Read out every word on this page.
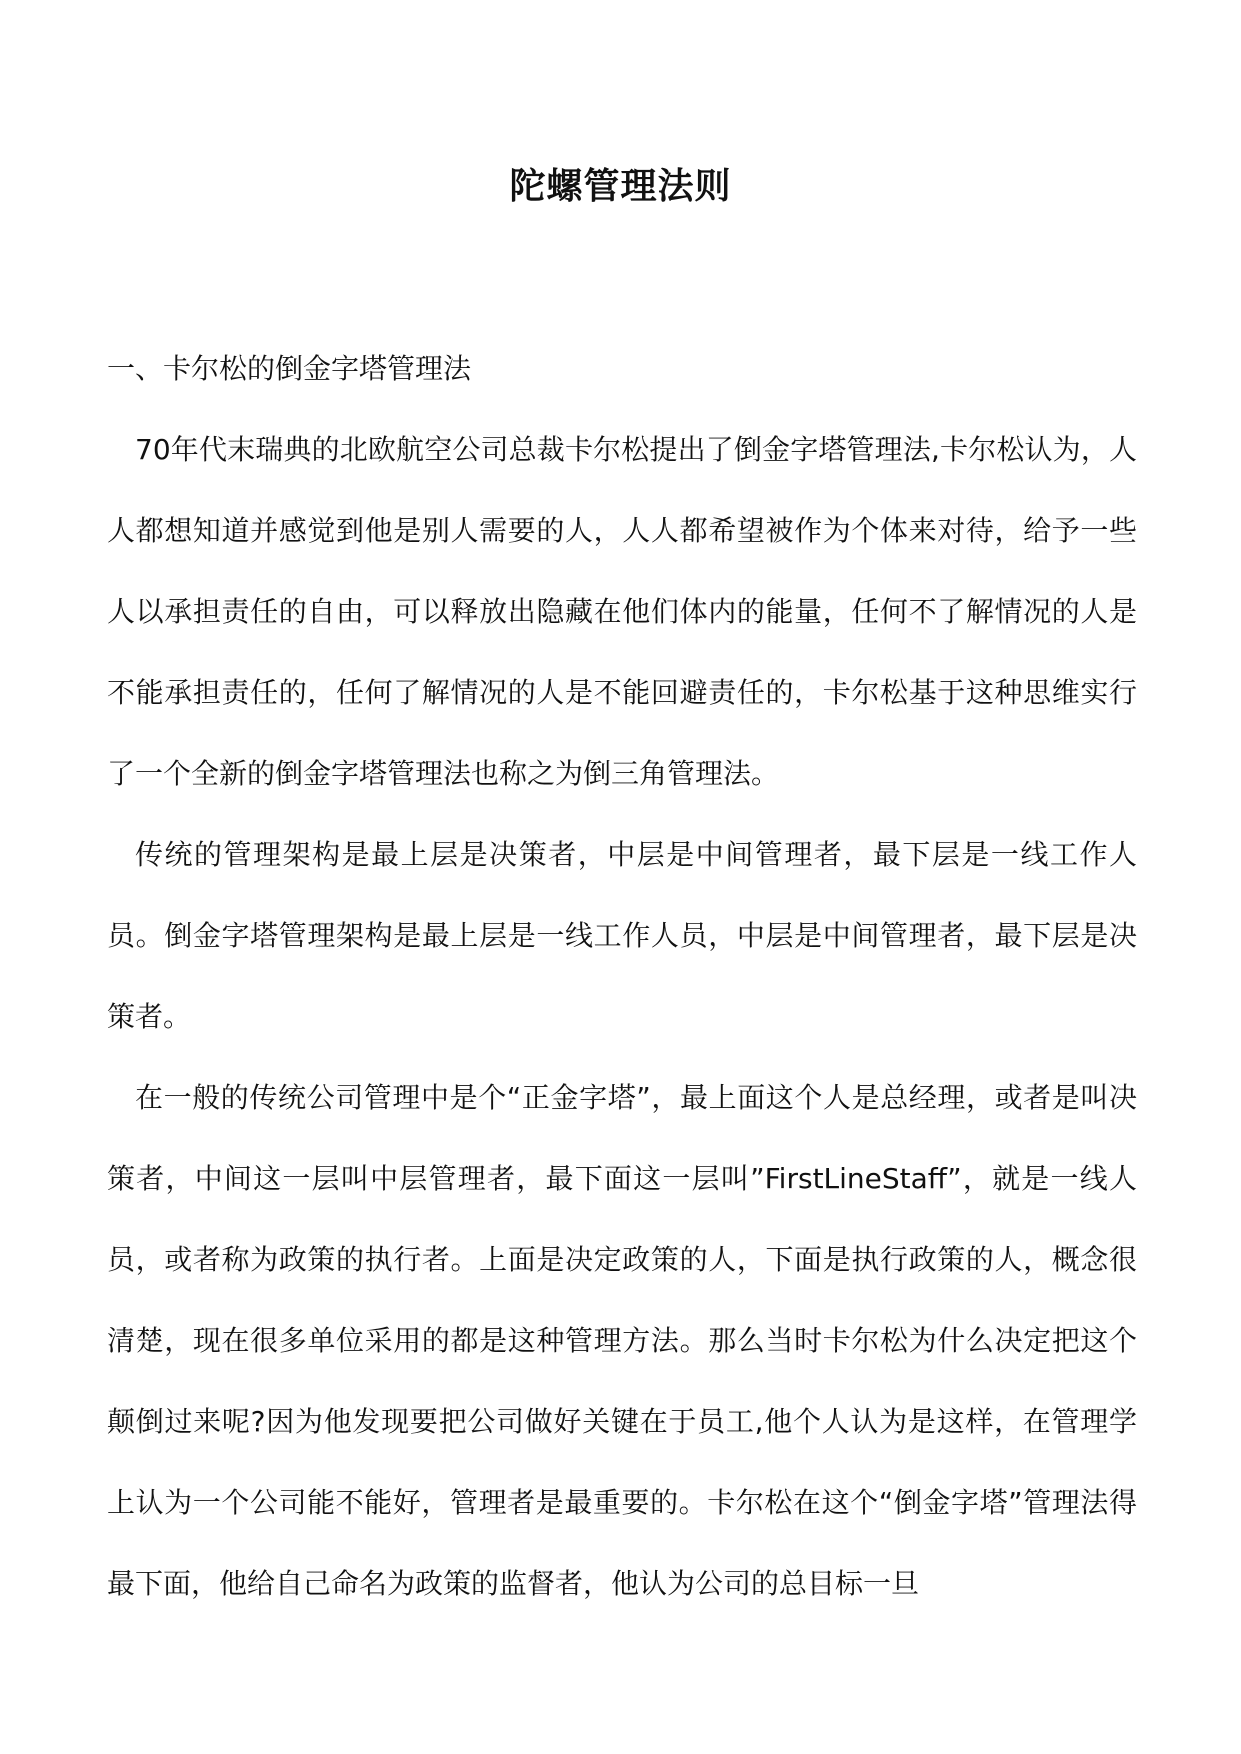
陀螺管理法则
一、卡尔松的倒金字塔管理法

70年代末瑞典的北欧航空公司总裁卡尔松提出了倒金字塔管理法,卡尔松认为，人人都想知道并感觉到他是别人需要的人，人人都希望被作为个体来对待，给予一些人以承担责任的自由，可以释放出隐藏在他们体内的能量，任何不了解情况的人是不能承担责任的，任何了解情况的人是不能回避责任的，卡尔松基于这种思维实行了一个全新的倒金字塔管理法也称之为倒三角管理法。

传统的管理架构是最上层是决策者，中层是中间管理者，最下层是一线工作人员。倒金字塔管理架构是最上层是一线工作人员，中层是中间管理者，最下层是决策者。

在一般的传统公司管理中是个“正金字塔”，最上面这个人是总经理，或者是叫决策者，中间这一层叫中层管理者，最下面这一层叫”FirstLineStaff”，就是一线人员，或者称为政策的执行者。上面是决定政策的人，下面是执行政策的人，概念很清楚，现在很多单位采用的都是这种管理方法。那么当时卡尔松为什么决定把这个颠倒过来呢?因为他发现要把公司做好关键在于员工,他个人认为是这样，在管理学上认为一个公司能不能好，管理者是最重要的。卡尔松在这个“倒金字塔”管理法得最下面，他给自己命名为政策的监督者，他认为公司的总目标一旦
